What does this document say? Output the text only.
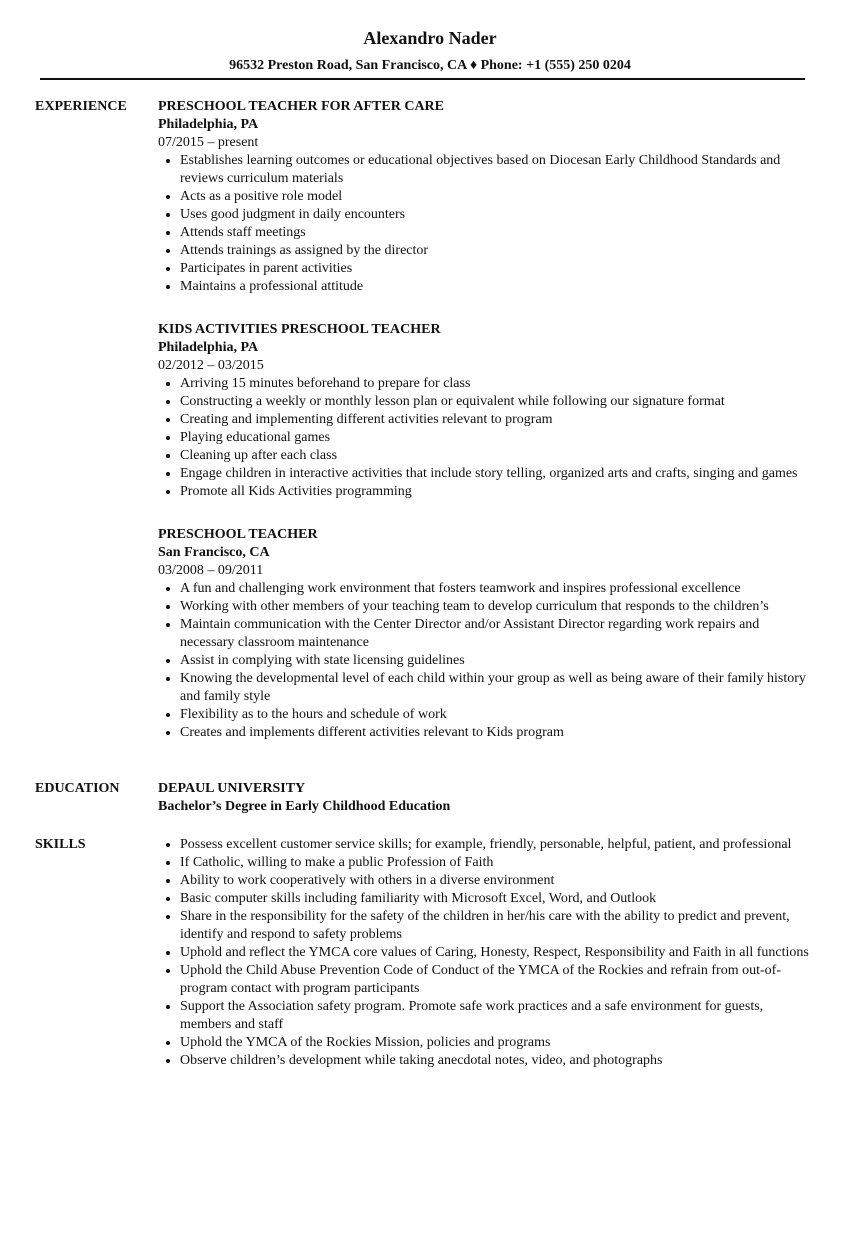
Alexandro Nader
96532 Preston Road, San Francisco, CA ♦ Phone: +1 (555) 250 0204
EXPERIENCE PRESCHOOL TEACHER FOR AFTER CARE
Philadelphia, PA
07/2015 – present
• Establishes learning outcomes or educational objectives based on Diocesan Early Childhood Standards and reviews curriculum materials
• Acts as a positive role model
• Uses good judgment in daily encounters
• Attends staff meetings
• Attends trainings as assigned by the director
• Participates in parent activities
• Maintains a professional attitude
KIDS ACTIVITIES PRESCHOOL TEACHER
Philadelphia, PA
02/2012 – 03/2015
• Arriving 15 minutes beforehand to prepare for class
• Constructing a weekly or monthly lesson plan or equivalent while following our signature format
• Creating and implementing different activities relevant to program
• Playing educational games
• Cleaning up after each class
• Engage children in interactive activities that include story telling, organized arts and crafts, singing and games
• Promote all Kids Activities programming
PRESCHOOL TEACHER
San Francisco, CA
03/2008 – 09/2011
• A fun and challenging work environment that fosters teamwork and inspires professional excellence
• Working with other members of your teaching team to develop curriculum that responds to the children’s
• Maintain communication with the Center Director and/or Assistant Director regarding work repairs and necessary classroom maintenance
• Assist in complying with state licensing guidelines
• Knowing the developmental level of each child within your group as well as being aware of their family history and family style
• Flexibility as to the hours and schedule of work
• Creates and implements different activities relevant to Kids program
EDUCATION	DEPAUL UNIVERSITY
Bachelor’s Degree in Early Childhood Education
SKILLS
•	Possess excellent customer service skills; for example, friendly, personable, helpful, patient, and professional
• If Catholic, willing to make a public Profession of Faith
• Ability to work cooperatively with others in a diverse environment
• Basic computer skills including familiarity with Microsoft Excel, Word, and Outlook
• Share in the responsibility for the safety of the children in her/his care with the ability to predict and prevent, identify and respond to safety problems
• Uphold and reflect the YMCA core values of Caring, Honesty, Respect, Responsibility and Faith in all functions
• Uphold the Child Abuse Prevention Code of Conduct of the YMCA of the Rockies and refrain from out-of-program contact with program participants
• Support the Association safety program. Promote safe work practices and a safe environment for guests, members and staff
• Uphold the YMCA of the Rockies Mission, policies and programs
• Observe children’s development while taking anecdotal notes, video, and photographs
